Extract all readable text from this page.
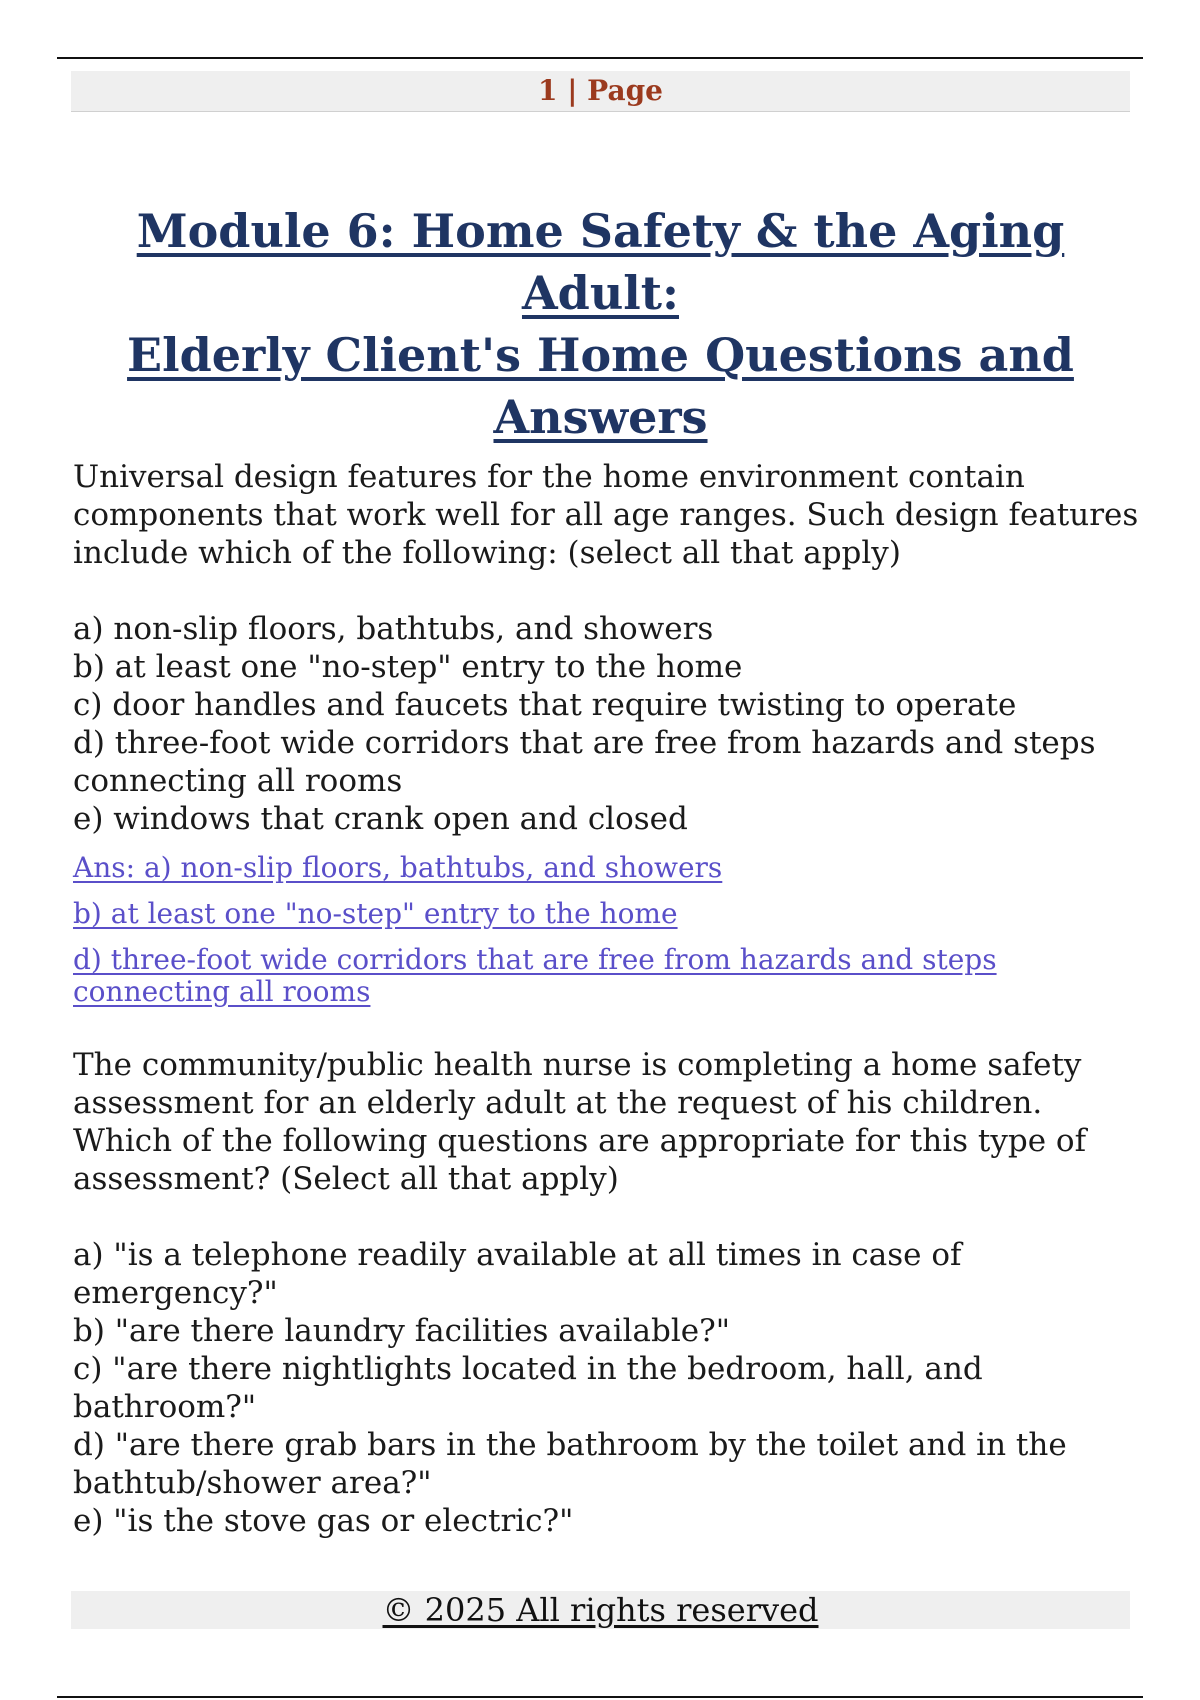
1 | Page
Module 6: Home Safety & the Aging Adult:
Elderly Client's Home Questions and
Answers

Universal design features for the home environment contain components that work well for all age ranges. Such design features include which of the following: (select all that apply)

a) non-slip floors, bathtubs, and showers

b) at least one "no-step" entry to the home

c) door handles and faucets that require twisting to operate

d) three-foot wide corridors that are free from hazards and steps connecting all rooms

e) windows that crank open and closed

Ans: a) non-slip floors, bathtubs, and showers

b) at least one "no-step" entry to the home

d) three-foot wide corridors that are free from hazards and steps connecting all rooms

The community/public health nurse is completing a home safety assessment for an elderly adult at the request of his children. Which of the following questions are appropriate for this type of assessment? (Select all that apply)

a) "is a telephone readily available at all times in case of emergency?"

b) "are there laundry facilities available?"

c) "are there nightlights located in the bedroom, hall, and bathroom?"

d) "are there grab bars in the bathroom by the toilet and in the bathtub/shower area?"

e) "is the stove gas or electric?"

© 2025 All rights reserved
